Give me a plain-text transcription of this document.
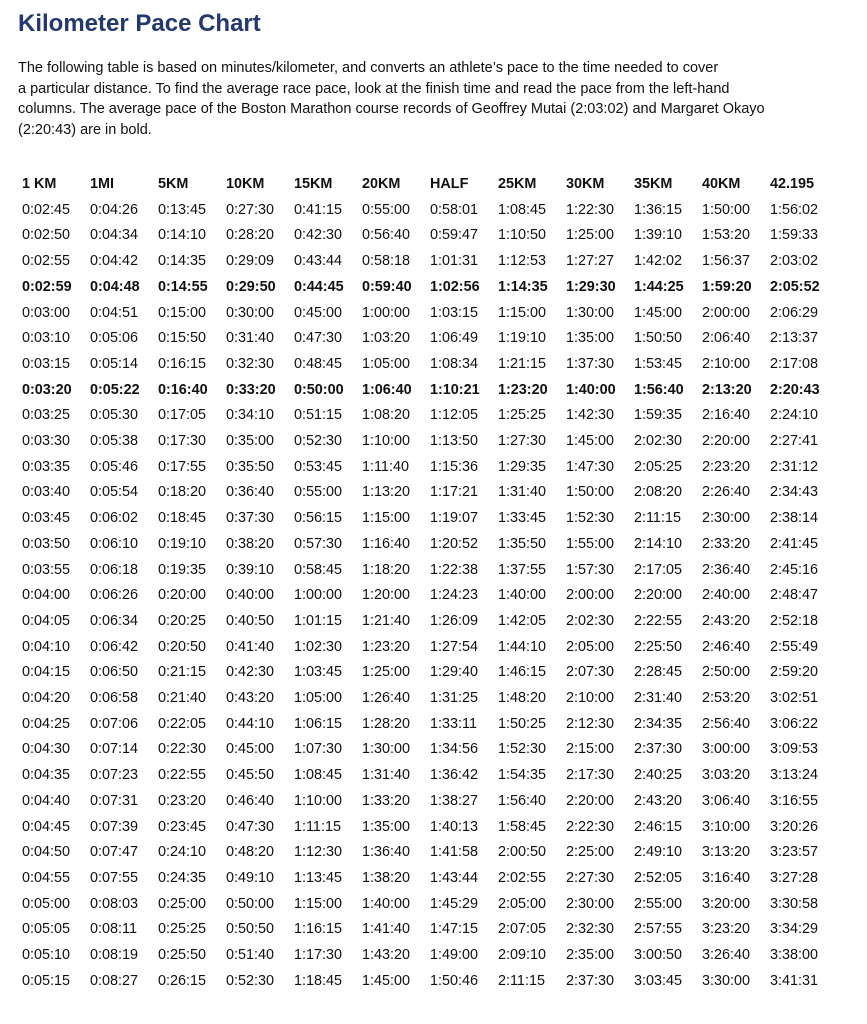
Kilometer Pace Chart

The following table is based on minutes/kilometer, and converts an athlete’s pace to the time needed to cover
a particular distance. To find the average race pace, look at the finish time and read the pace from the left-hand
columns. The average pace of the Boston Marathon course records of Geoffrey Mutai (2:03:02) and Margaret Okayo
(2:20:43) are in bold.

1 KM	1MI	5KM	10KM	15KM	20KM	HALF	25KM	30KM	35KM	40KM	42.195
0:02:45	0:04:26	0:13:45	0:27:30	0:41:15	0:55:00	0:58:01	1:08:45	1:22:30	1:36:15	1:50:00	1:56:02
0:02:50	0:04:34	0:14:10	0:28:20	0:42:30	0:56:40	0:59:47	1:10:50	1:25:00	1:39:10	1:53:20	1:59:33
0:02:55	0:04:42	0:14:35	0:29:09	0:43:44	0:58:18	1:01:31	1:12:53	1:27:27	1:42:02	1:56:37	2:03:02
0:02:59	0:04:48	0:14:55	0:29:50	0:44:45	0:59:40	1:02:56	1:14:35	1:29:30	1:44:25	1:59:20	2:05:52
0:03:00	0:04:51	0:15:00	0:30:00	0:45:00	1:00:00	1:03:15	1:15:00	1:30:00	1:45:00	2:00:00	2:06:29
0:03:10	0:05:06	0:15:50	0:31:40	0:47:30	1:03:20	1:06:49	1:19:10	1:35:00	1:50:50	2:06:40	2:13:37
0:03:15	0:05:14	0:16:15	0:32:30	0:48:45	1:05:00	1:08:34	1:21:15	1:37:30	1:53:45	2:10:00	2:17:08
0:03:20	0:05:22	0:16:40	0:33:20	0:50:00	1:06:40	1:10:21	1:23:20	1:40:00	1:56:40	2:13:20	2:20:43
0:03:25	0:05:30	0:17:05	0:34:10	0:51:15	1:08:20	1:12:05	1:25:25	1:42:30	1:59:35	2:16:40	2:24:10
0:03:30	0:05:38	0:17:30	0:35:00	0:52:30	1:10:00	1:13:50	1:27:30	1:45:00	2:02:30	2:20:00	2:27:41
0:03:35	0:05:46	0:17:55	0:35:50	0:53:45	1:11:40	1:15:36	1:29:35	1:47:30	2:05:25	2:23:20	2:31:12
0:03:40	0:05:54	0:18:20	0:36:40	0:55:00	1:13:20	1:17:21	1:31:40	1:50:00	2:08:20	2:26:40	2:34:43
0:03:45	0:06:02	0:18:45	0:37:30	0:56:15	1:15:00	1:19:07	1:33:45	1:52:30	2:11:15	2:30:00	2:38:14
0:03:50	0:06:10	0:19:10	0:38:20	0:57:30	1:16:40	1:20:52	1:35:50	1:55:00	2:14:10	2:33:20	2:41:45
0:03:55	0:06:18	0:19:35	0:39:10	0:58:45	1:18:20	1:22:38	1:37:55	1:57:30	2:17:05	2:36:40	2:45:16
0:04:00	0:06:26	0:20:00	0:40:00	1:00:00	1:20:00	1:24:23	1:40:00	2:00:00	2:20:00	2:40:00	2:48:47
0:04:05	0:06:34	0:20:25	0:40:50	1:01:15	1:21:40	1:26:09	1:42:05	2:02:30	2:22:55	2:43:20	2:52:18
0:04:10	0:06:42	0:20:50	0:41:40	1:02:30	1:23:20	1:27:54	1:44:10	2:05:00	2:25:50	2:46:40	2:55:49
0:04:15	0:06:50	0:21:15	0:42:30	1:03:45	1:25:00	1:29:40	1:46:15	2:07:30	2:28:45	2:50:00	2:59:20
0:04:20	0:06:58	0:21:40	0:43:20	1:05:00	1:26:40	1:31:25	1:48:20	2:10:00	2:31:40	2:53:20	3:02:51
0:04:25	0:07:06	0:22:05	0:44:10	1:06:15	1:28:20	1:33:11	1:50:25	2:12:30	2:34:35	2:56:40	3:06:22
0:04:30	0:07:14	0:22:30	0:45:00	1:07:30	1:30:00	1:34:56	1:52:30	2:15:00	2:37:30	3:00:00	3:09:53
0:04:35	0:07:23	0:22:55	0:45:50	1:08:45	1:31:40	1:36:42	1:54:35	2:17:30	2:40:25	3:03:20	3:13:24
0:04:40	0:07:31	0:23:20	0:46:40	1:10:00	1:33:20	1:38:27	1:56:40	2:20:00	2:43:20	3:06:40	3:16:55
0:04:45	0:07:39	0:23:45	0:47:30	1:11:15	1:35:00	1:40:13	1:58:45	2:22:30	2:46:15	3:10:00	3:20:26
0:04:50	0:07:47	0:24:10	0:48:20	1:12:30	1:36:40	1:41:58	2:00:50	2:25:00	2:49:10	3:13:20	3:23:57
0:04:55	0:07:55	0:24:35	0:49:10	1:13:45	1:38:20	1:43:44	2:02:55	2:27:30	2:52:05	3:16:40	3:27:28
0:05:00	0:08:03	0:25:00	0:50:00	1:15:00	1:40:00	1:45:29	2:05:00	2:30:00	2:55:00	3:20:00	3:30:58
0:05:05	0:08:11	0:25:25	0:50:50	1:16:15	1:41:40	1:47:15	2:07:05	2:32:30	2:57:55	3:23:20	3:34:29
0:05:10	0:08:19	0:25:50	0:51:40	1:17:30	1:43:20	1:49:00	2:09:10	2:35:00	3:00:50	3:26:40	3:38:00
0:05:15	0:08:27	0:26:15	0:52:30	1:18:45	1:45:00	1:50:46	2:11:15	2:37:30	3:03:45	3:30:00	3:41:31
